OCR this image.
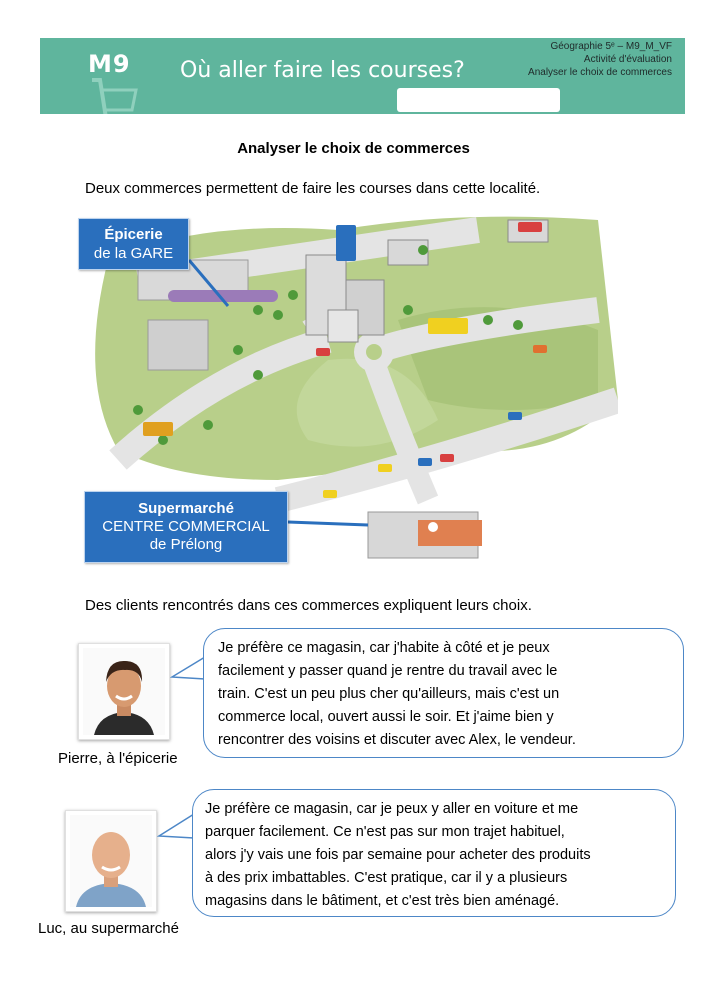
M9 Où aller faire les courses?
Géographie 5ᵉ – M9_M_VF
Activité d'évaluation
Analyser le choix de commerces
Analyser le choix de commerces
Deux commerces permettent de faire les courses dans cette localité.
Épicerie
de la GARE
Supermarché
CENTRE COMMERCIAL
de Prélong
Des clients rencontrés dans ces commerces expliquent leurs choix.
Pierre, à l'épicerie
Je préfère ce magasin, car j'habite à côté et je peux
facilement y passer quand je rentre du travail avec le
train. C'est un peu plus cher qu'ailleurs, mais c'est un
commerce local, ouvert aussi le soir. Et j'aime bien y
rencontrer des voisins et discuter avec Alex, le vendeur.
Luc, au supermarché
Je préfère ce magasin, car je peux y aller en voiture et me
parquer facilement. Ce n'est pas sur mon trajet habituel,
alors j'y vais une fois par semaine pour acheter des produits
à des prix imbattables. C'est pratique, car il y a plusieurs
magasins dans le bâtiment, et c'est très bien aménagé.
